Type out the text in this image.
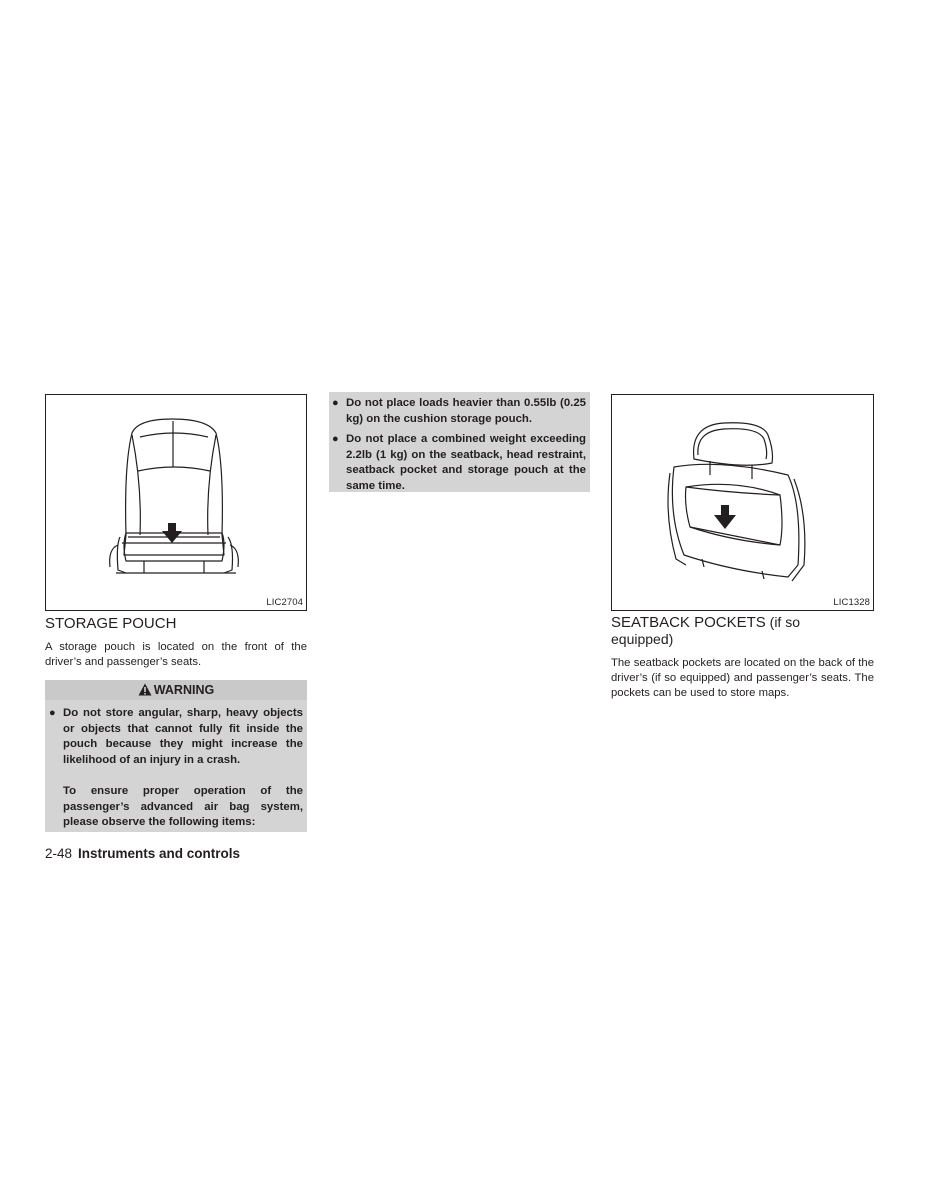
LIC2704
STORAGE POUCH

A storage pouch is located on the front of the driver’s and passenger’s seats.

WARNING
● Do not store angular, sharp, heavy objects or objects that cannot fully fit inside the pouch because they might increase the likelihood of an injury in a crash.
To ensure proper operation of the passenger’s advanced air bag system, please observe the following items:
● Do not place loads heavier than 0.55lb (0.25 kg) on the cushion storage pouch.
● Do not place a combined weight exceeding 2.2lb (1 kg) on the seatback, head restraint, seatback pocket and storage pouch at the same time.
LIC1328
SEATBACK POCKETS (if so
equipped)

The seatback pockets are located on the back of the driver’s (if so equipped) and passenger’s seats. The pockets can be used to store maps.

2-48 Instruments and controls
